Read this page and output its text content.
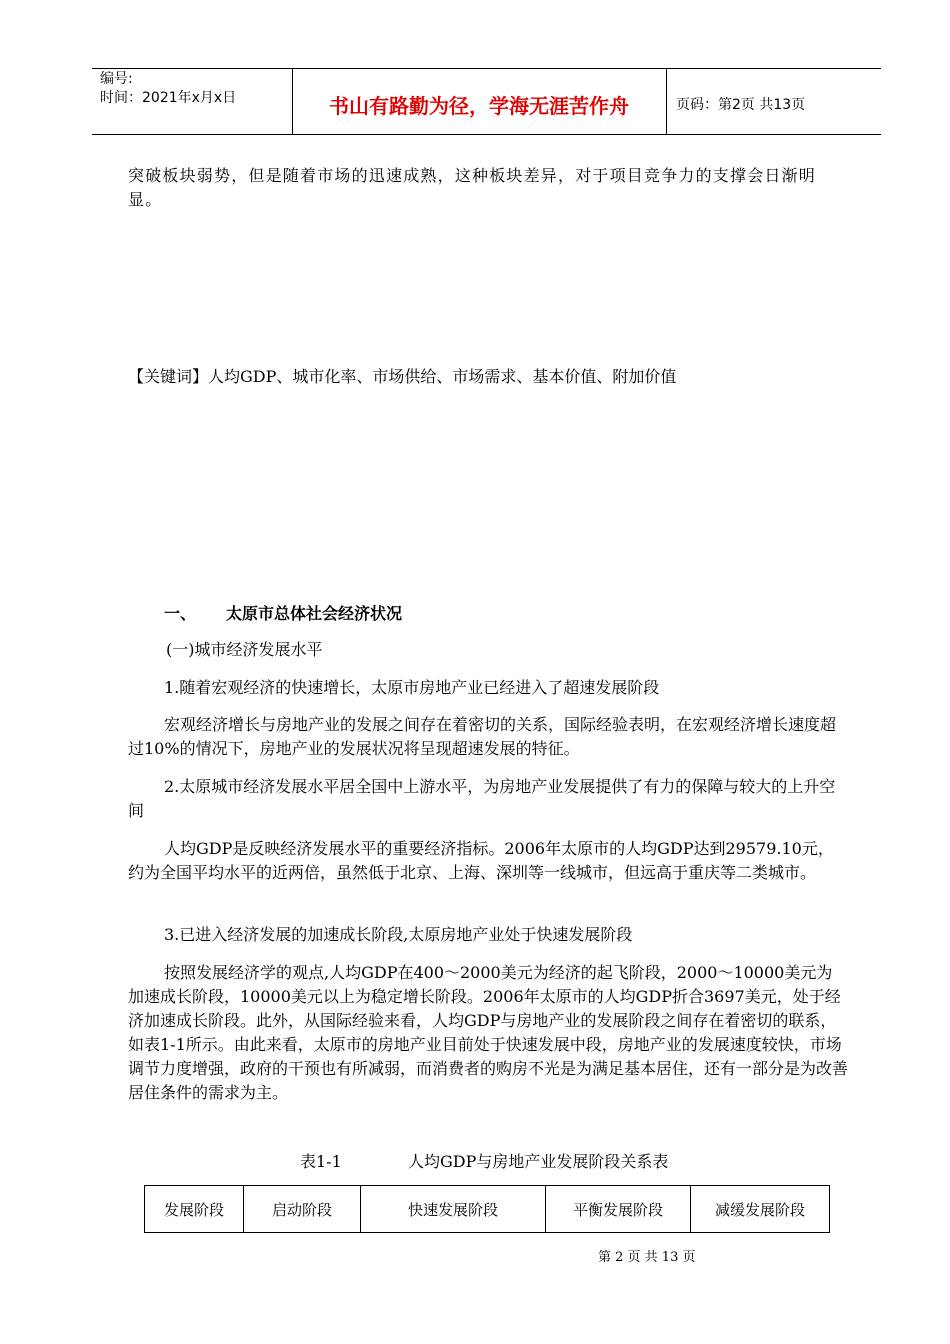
编号:
时间：2021年x月x日	书山有路勤为径，学海无涯苦作舟	页码：第2页 共13页

突破板块弱势，但是随着市场的迅速成熟，这种板块差异，对于项目竞争力的支撑会日渐明显。

【关键词】人均GDP、城市化率、市场供给、市场需求、基本价值、附加价值

一、 太原市总体社会经济状况

(一)城市经济发展水平

1.随着宏观经济的快速增长，太原市房地产业已经进入了超速发展阶段

宏观经济增长与房地产业的发展之间存在着密切的关系，国际经验表明，在宏观经济增长速度超过10%的情况下，房地产业的发展状况将呈现超速发展的特征。

2.太原城市经济发展水平居全国中上游水平，为房地产业发展提供了有力的保障与较大的上升空间

人均GDP是反映经济发展水平的重要经济指标。2006年太原市的人均GDP达到29579.10元，约为全国平均水平的近两倍，虽然低于北京、上海、深圳等一线城市，但远高于重庆等二类城市。

3.已进入经济发展的加速成长阶段,太原房地产业处于快速发展阶段

按照发展经济学的观点,人均GDP在400～2000美元为经济的起飞阶段，2000～10000美元为加速成长阶段，10000美元以上为稳定增长阶段。2006年太原市的人均GDP折合3697美元，处于经济加速成长阶段。此外，从国际经验来看，人均GDP与房地产业的发展阶段之间存在着密切的联系，如表1-1所示。由此来看，太原市的房地产业目前处于快速发展中段，房地产业的发展速度较快，市场调节力度增强，政府的干预也有所减弱，而消费者的购房不光是为满足基本居住，还有一部分是为改善居住条件的需求为主。

表1-1	人均GDP与房地产业发展阶段关系表
发展阶段	启动阶段	快速发展阶段	平衡发展阶段	减缓发展阶段
第 2 页 共 13 页
